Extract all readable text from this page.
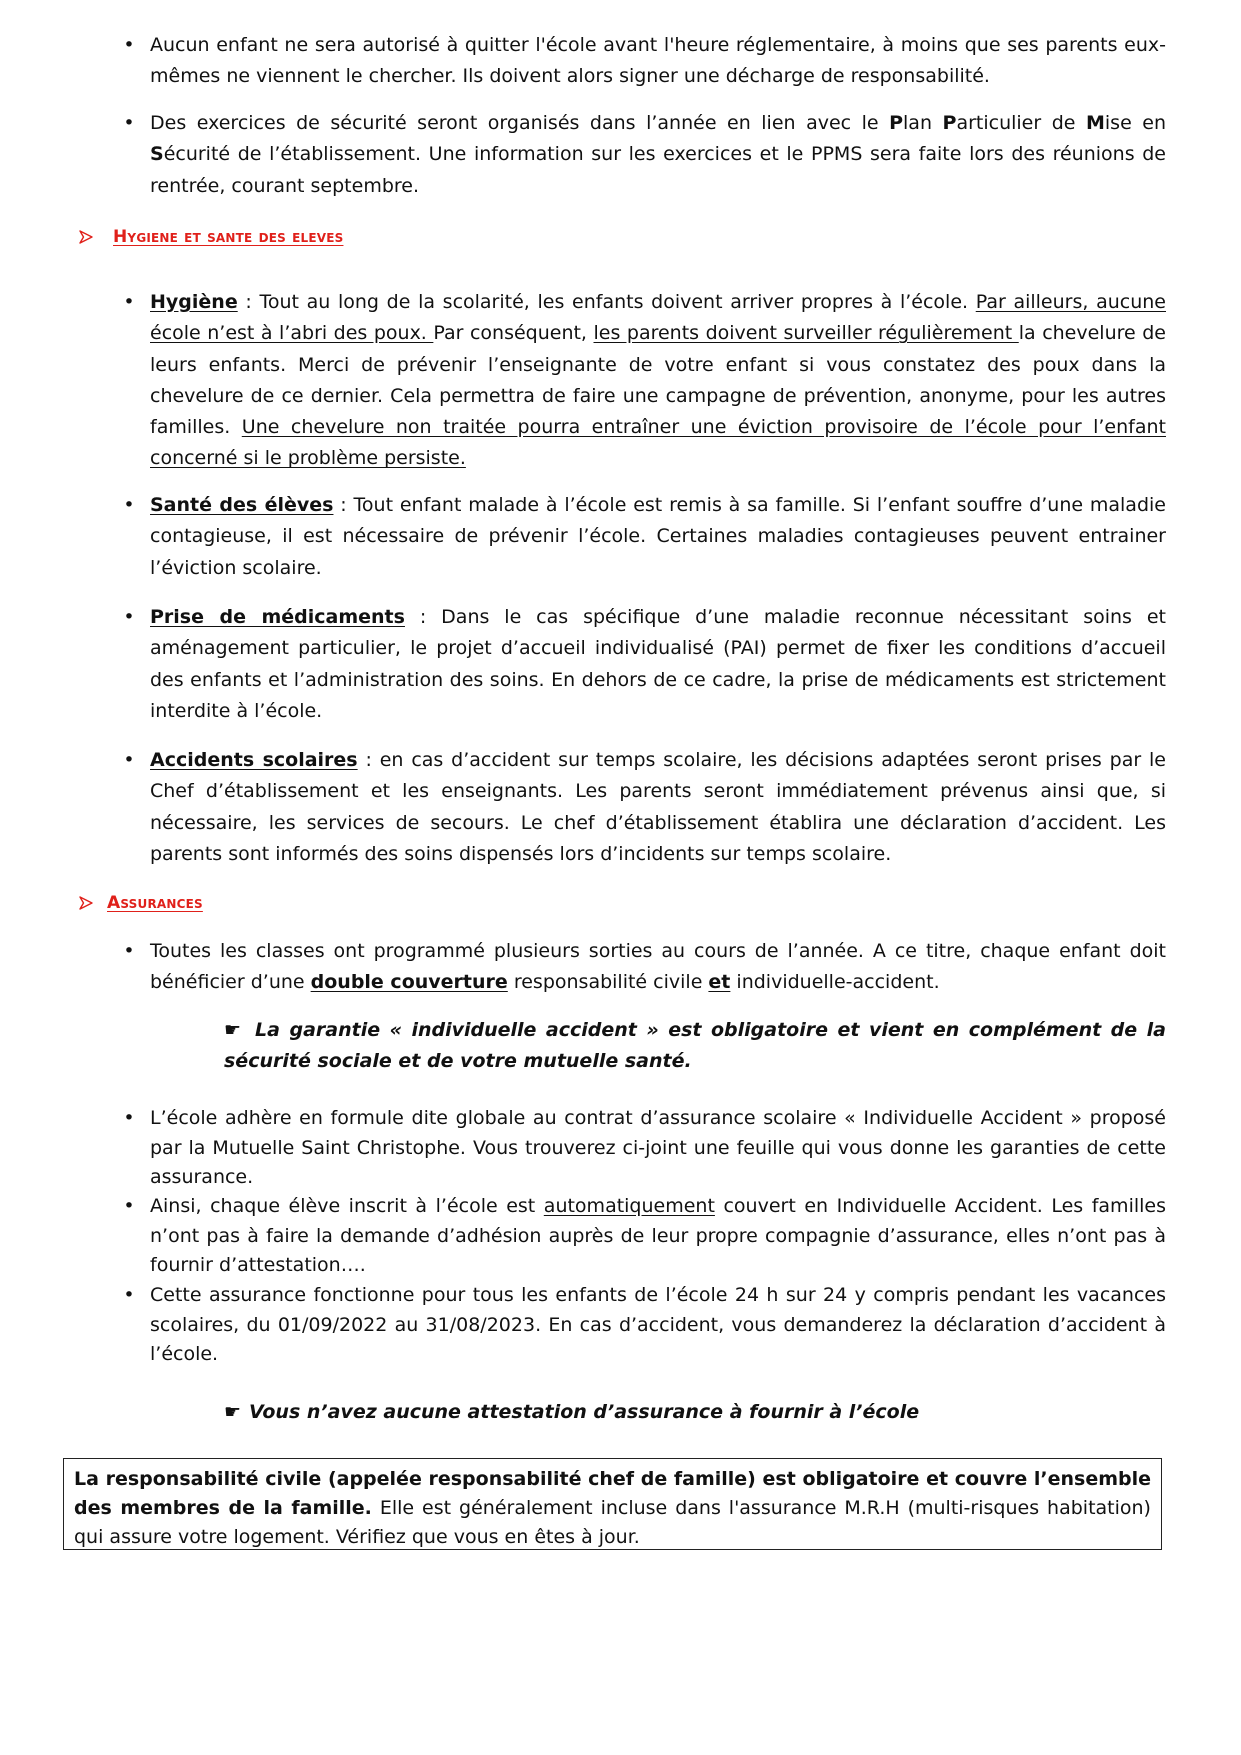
• Aucun enfant ne sera autorisé à quitter l'école avant l'heure réglementaire, à moins que ses parents eux-mêmes ne viennent le chercher. Ils doivent alors signer une décharge de responsabilité.

• Des exercices de sécurité seront organisés dans l’année en lien avec le Plan Particulier de Mise en Sécurité de l’établissement. Une information sur les exercices et le PPMS sera faite lors des réunions de rentrée, courant septembre.

Hygiene et sante des eleves

• Hygiène : Tout au long de la scolarité, les enfants doivent arriver propres à l’école. Par ailleurs, aucune école n’est à l’abri des poux. Par conséquent, les parents doivent surveiller régulièrement la chevelure de leurs enfants. Merci de prévenir l’enseignante de votre enfant si vous constatez des poux dans la chevelure de ce dernier. Cela permettra de faire une campagne de prévention, anonyme, pour les autres familles. Une chevelure non traitée pourra entraîner une éviction provisoire de l’école pour l’enfant concerné si le problème persiste.

• Santé des élèves : Tout enfant malade à l’école est remis à sa famille. Si l’enfant souffre d’une maladie contagieuse, il est nécessaire de prévenir l’école. Certaines maladies contagieuses peuvent entrainer l’éviction scolaire.

• Prise de médicaments : Dans le cas spécifique d’une maladie reconnue nécessitant soins et aménagement particulier, le projet d’accueil individualisé (PAI) permet de fixer les conditions d’accueil des enfants et l’administration des soins. En dehors de ce cadre, la prise de médicaments est strictement interdite à l’école.

• Accidents scolaires : en cas d’accident sur temps scolaire, les décisions adaptées seront prises par le Chef d’établissement et les enseignants. Les parents seront immédiatement prévenus ainsi que, si nécessaire, les services de secours. Le chef d’établissement établira une déclaration d’accident. Les parents sont informés des soins dispensés lors d’incidents sur temps scolaire.

Assurances

• Toutes les classes ont programmé plusieurs sorties au cours de l’année. A ce titre, chaque enfant doit bénéficier d’une double couverture responsabilité civile et individuelle-accident.

☛ La garantie « individuelle accident » est obligatoire et vient en complément de la sécurité sociale et de votre mutuelle santé.

• L’école adhère en formule dite globale au contrat d’assurance scolaire « Individuelle Accident » proposé par la Mutuelle Saint Christophe. Vous trouverez ci-joint une feuille qui vous donne les garanties de cette assurance.

• Ainsi, chaque élève inscrit à l’école est automatiquement couvert en Individuelle Accident. Les familles n’ont pas à faire la demande d’adhésion auprès de leur propre compagnie d’assurance, elles n’ont pas à fournir d’attestation….

• Cette assurance fonctionne pour tous les enfants de l’école 24 h sur 24 y compris pendant les vacances scolaires, du 01/09/2022 au 31/08/2023. En cas d’accident, vous demanderez la déclaration d’accident à l’école.

☛ Vous n’avez aucune attestation d’assurance à fournir à l’école

La responsabilité civile (appelée responsabilité chef de famille) est obligatoire et couvre l’ensemble des membres de la famille. Elle est généralement incluse dans l'assurance M.R.H (multi-risques habitation) qui assure votre logement. Vérifiez que vous en êtes à jour.
